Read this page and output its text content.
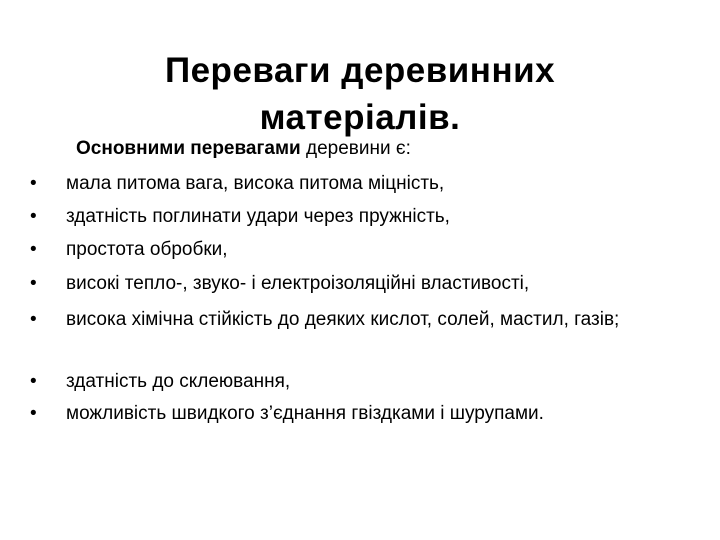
Переваги деревинних
матеріалів.
Основними перевагами деревини є:
•	мала питома вага, висока питома міцність,
•	здатність поглинати удари через пружність,
•	простота обробки,
•	високі тепло-, звуко- і електроізоляційні властивості,
•	висока хімічна стійкість до деяких кислот, солей, мастил, газів;
•	здатність до склеювання,
•	можливість швидкого з’єднання гвіздками і шурупами.
